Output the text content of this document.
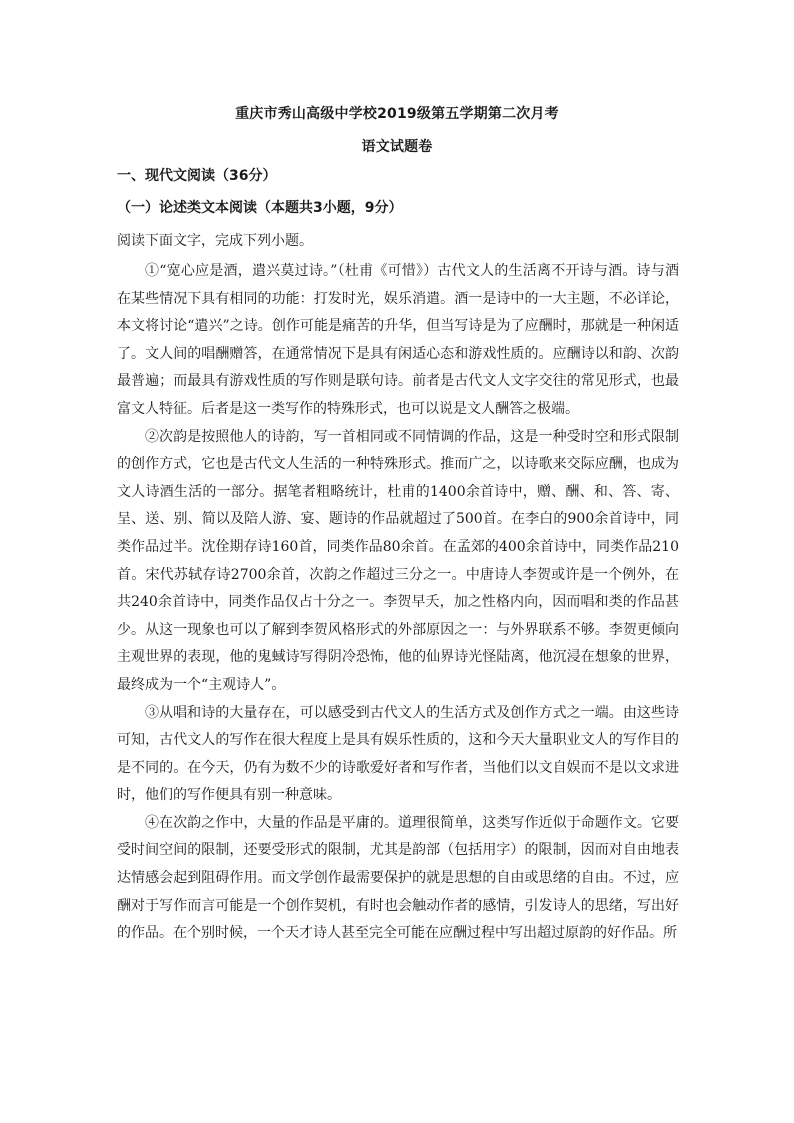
重庆市秀山高级中学校2019级第五学期第二次月考
语文试题卷
一、现代文阅读（36分）
（一）论述类文本阅读（本题共3小题，9分）
阅读下面文字，完成下列小题。

①“宽心应是酒，遣兴莫过诗。”（杜甫《可惜》）古代文人的生活离不开诗与酒。诗与酒在某些情况下具有相同的功能：打发时光，娱乐消遣。酒一是诗中的一大主题，不必详论，本文将讨论“遣兴”之诗。创作可能是痛苦的升华，但当写诗是为了应酬时，那就是一种闲适了。文人间的唱酬赠答，在通常情况下是具有闲适心态和游戏性质的。应酬诗以和韵、次韵最普遍；而最具有游戏性质的写作则是联句诗。前者是古代文人文字交往的常见形式，也最富文人特征。后者是这一类写作的特殊形式，也可以说是文人酬答之极端。

②次韵是按照他人的诗韵，写一首相同或不同情调的作品，这是一种受时空和形式限制的创作方式，它也是古代文人生活的一种特殊形式。推而广之，以诗歌来交际应酬，也成为文人诗酒生活的一部分。据笔者粗略统计，杜甫的1400余首诗中，赠、酬、和、答、寄、呈、送、别、简以及陪人游、宴、题诗的作品就超过了500首。在李白的900余首诗中，同类作品过半。沈佺期存诗160首，同类作品80余首。在孟郊的400余首诗中，同类作品210首。宋代苏轼存诗2700余首，次韵之作超过三分之一。中唐诗人李贺或许是一个例外，在共240余首诗中，同类作品仅占十分之一。李贺早夭，加之性格内向，因而唱和类的作品甚少。从这一现象也可以了解到李贺风格形式的外部原因之一：与外界联系不够。李贺更倾向主观世界的表现，他的鬼蜮诗写得阴冷恐怖，他的仙界诗光怪陆离，他沉浸在想象的世界，最终成为一个“主观诗人”。

③从唱和诗的大量存在，可以感受到古代文人的生活方式及创作方式之一端。由这些诗可知，古代文人的写作在很大程度上是具有娱乐性质的，这和今天大量职业文人的写作目的是不同的。在今天，仍有为数不少的诗歌爱好者和写作者，当他们以文自娱而不是以文求进时，他们的写作便具有别一种意味。

④在次韵之作中，大量的作品是平庸的。道理很简单，这类写作近似于命题作文。它要受时间空间的限制，还要受形式的限制，尤其是韵部（包括用字）的限制，因而对自由地表达情感会起到阻碍作用。而文学创作最需要保护的就是思想的自由或思绪的自由。不过，应酬对于写作而言可能是一个创作契机，有时也会触动作者的感情，引发诗人的思绪，写出好的作品。在个别时候，一个天才诗人甚至完全可能在应酬过程中写出超过原韵的好作品。所
